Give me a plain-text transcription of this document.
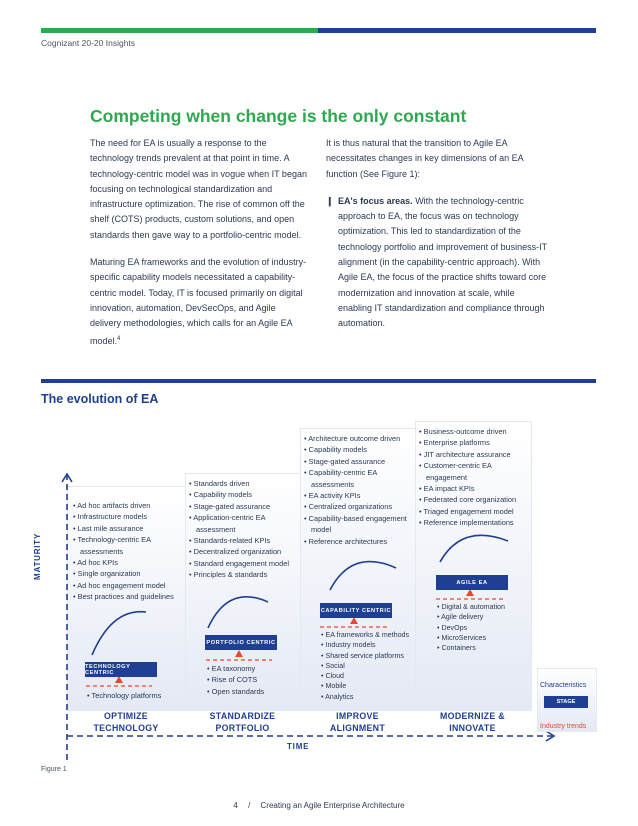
Cognizant 20-20 Insights
Competing when change is the only constant

The need for EA is usually a response to the technology trends prevalent at that point in time. A technology-centric model was in vogue when IT began focusing on technological standardization and infrastructure optimization. The rise of common off the shelf (COTS) products, custom solutions, and open standards then gave way to a portfolio-centric model.

Maturing EA frameworks and the evolution of industry-specific capability models necessitated a capability-centric model. Today, IT is focused primarily on digital innovation, automation, DevSecOps, and Agile delivery methodologies, which calls for an Agile EA model.$^4$

It is thus natural that the transition to Agile EA necessitates changes in key dimensions of an EA function (See Figure 1):

❙ EA's focus areas. With the technology-centric approach to EA, the focus was on technology optimization. This led to standardization of the technology portfolio and improvement of business-IT alignment (in the capability-centric approach). With Agile EA, the focus of the practice shifts toward core modernization and innovation at scale, while enabling IT standardization and compliance through automation.
The evolution of EA
• Ad hoc artifacts driven
• Infrastructure models
• Last mile assurance
• Technology-centric EA assessments
• Ad hoc KPIs
• Single organization
• Ad hoc engagement model
• Best practices and guidelines
• Standards driven
• Capability models
• Stage-gated assurance
• Application-centric EA assessment
• Standards-related KPIs
• Decentralized organization
• Standard engagement model
• Principles & standards
• Architecture outcome driven
• Capability models
• Stage-gated assurance
• Capability-centric EA assessments
• EA activity KPIs
• Centralized organizations
• Capability-based engagement model
• Reference architectures
• Business-outcome driven
• Enterprise platforms
• JIT architecture assurance
• Customer-centric EA engagement
• EA impact KPIs
• Federated core organization
• Triaged engagement model
• Reference implementations
TECHNOLOGY CENTRIC
PORTFOLIO CENTRIC
CAPABILITY CENTRIC
AGILE EA
• Technology platforms
• EA taxonomy
• Rise of COTS
• Open standards
• EA frameworks & methods
• Industry models
• Shared service platforms
• Social
• Cloud
• Mobile
• Analytics
• Digital & automation
• Agile delivery
• DevOps
• MicroServices
• Containers
OPTIMIZE
TECHNOLOGY
STANDARDIZE
PORTFOLIO
IMPROVE
ALIGNMENT
MODERNIZE &
INNOVATE
MATURITY
TIME
Characteristics
STAGE
Industry trends
Figure 1
4 / Creating an Agile Enterprise Architecture
